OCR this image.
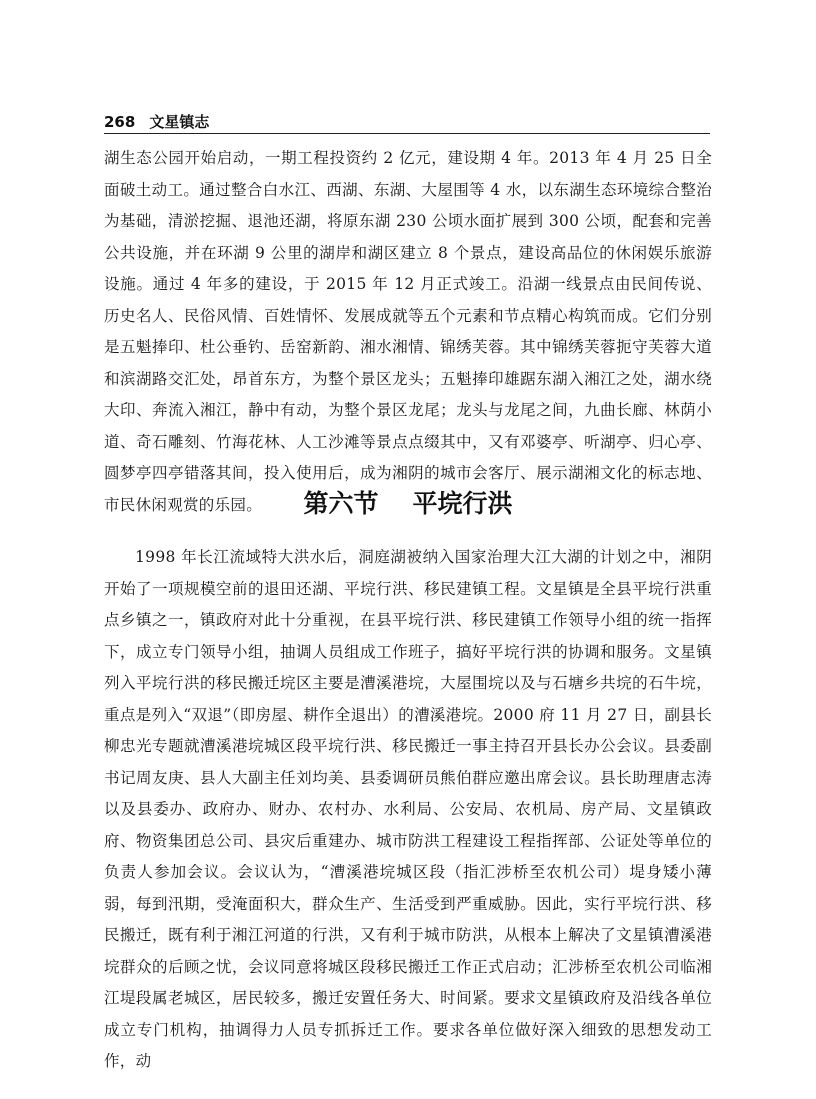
268 文星镇志

湖生态公园开始启动，一期工程投资约 2 亿元，建设期 4 年。2013 年 4 月 25 日全面破土动工。通过整合白水江、西湖、东湖、大屋围等 4 水，以东湖生态环境综合整治为基础，清淤挖掘、退池还湖，将原东湖 230 公顷水面扩展到 300 公顷，配套和完善公共设施，并在环湖 9 公里的湖岸和湖区建立 8 个景点，建设高品位的休闲娱乐旅游设施。通过 4 年多的建设，于 2015 年 12 月正式竣工。沿湖一线景点由民间传说、历史名人、民俗风情、百姓情怀、发展成就等五个元素和节点精心构筑而成。它们分别是五魁捧印、杜公垂钓、岳窑新韵、湘水湘情、锦绣芙蓉。其中锦绣芙蓉扼守芙蓉大道和滨湖路交汇处，昂首东方，为整个景区龙头；五魁捧印雄踞东湖入湘江之处，湖水绕大印、奔流入湘江，静中有动，为整个景区龙尾；龙头与龙尾之间，九曲长廊、林荫小道、奇石雕刻、竹海花林、人工沙滩等景点点缀其中，又有邓婆亭、听湖亭、归心亭、圆梦亭四亭错落其间，投入使用后，成为湘阴的城市会客厅、展示湖湘文化的标志地、市民休闲观赏的乐园。	第六节 平垸行洪

1998 年长江流域特大洪水后，洞庭湖被纳入国家治理大江大湖的计划之中，湘阴开始了一项规模空前的退田还湖、平垸行洪、移民建镇工程。文星镇是全县平垸行洪重点乡镇之一，镇政府对此十分重视，在县平垸行洪、移民建镇工作领导小组的统一指挥下，成立专门领导小组，抽调人员组成工作班子，搞好平垸行洪的协调和服务。文星镇列入平垸行洪的移民搬迁垸区主要是漕溪港垸，大屋围垸以及与石塘乡共垸的石牛垸，重点是列入“双退”（即房屋、耕作全退出）的漕溪港垸。2000 府 11 月 27 日，副县长柳忠光专题就漕溪港垸城区段平垸行洪、移民搬迁一事主持召开县长办公会议。县委副书记周友庚、县人大副主任刘均美、县委调研员熊伯群应邀出席会议。县长助理唐志涛以及县委办、政府办、财办、农村办、水利局、公安局、农机局、房产局、文星镇政府、物资集团总公司、县灾后重建办、城市防洪工程建设工程指挥部、公证处等单位的负责人参加会议。会议认为，“漕溪港垸城区段（指汇涉桥至农机公司）堤身矮小薄弱，每到汛期，受淹面积大，群众生产、生活受到严重威胁。因此，实行平垸行洪、移民搬迁，既有利于湘江河道的行洪，又有利于城市防洪，从根本上解决了文星镇漕溪港垸群众的后顾之忧，会议同意将城区段移民搬迁工作正式启动；汇涉桥至农机公司临湘江堤段属老城区，居民较多，搬迁安置任务大、时间紧。要求文星镇政府及沿线各单位成立专门机构，抽调得力人员专抓拆迁工作。要求各单位做好深入细致的思想发动工作，动
